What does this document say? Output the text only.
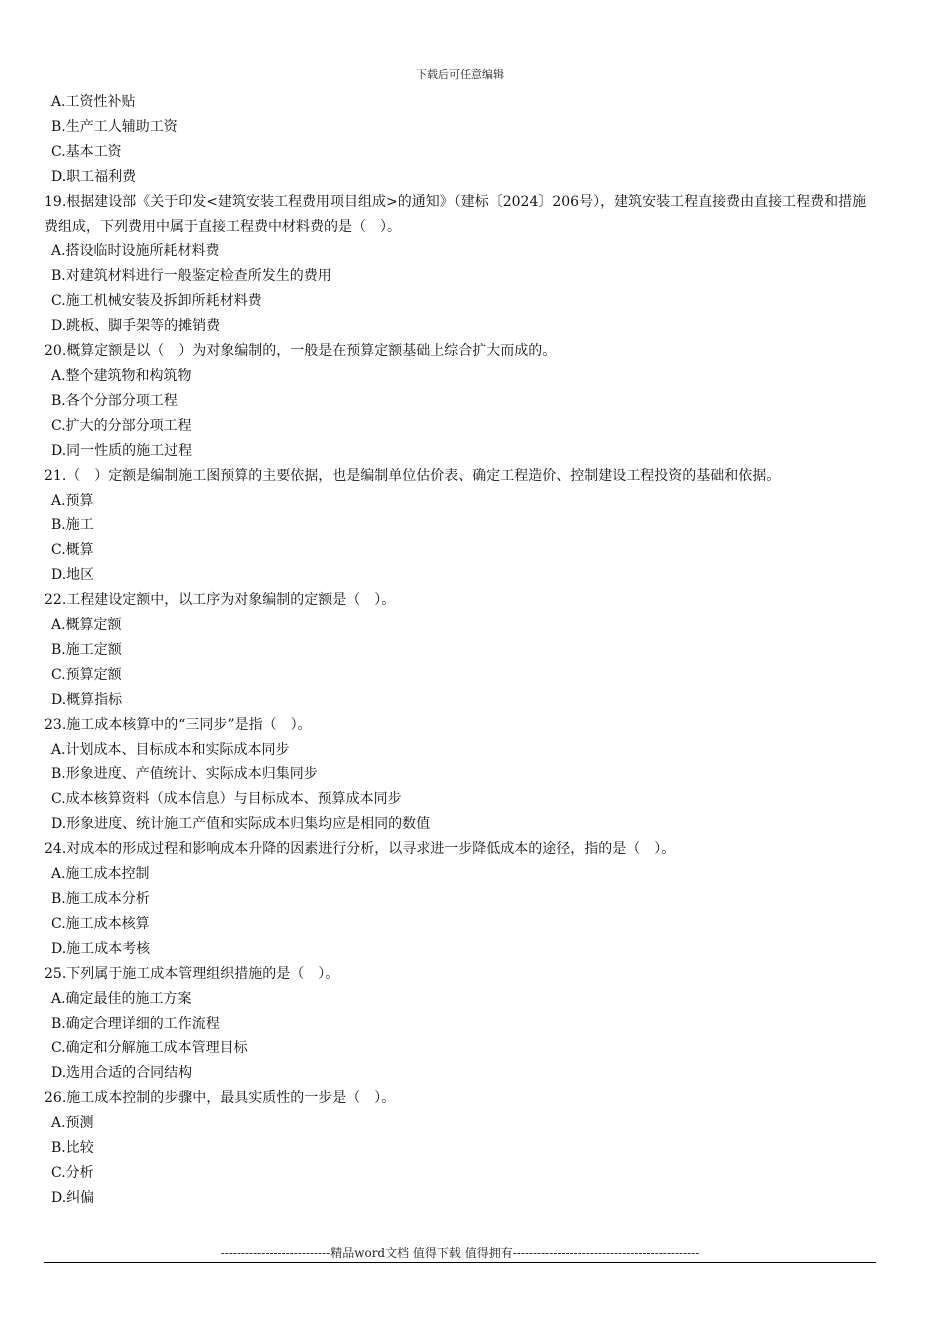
下载后可任意编辑
A.工资性补贴
B.生产工人辅助工资
C.基本工资
D.职工福利费
19.根据建设部《关于印发<建筑安装工程费用项目组成>的通知》（建标〔2024〕206号），建筑安装工程直接费由直接工程费和措施费组成，下列费用中属于直接工程费中材料费的是（　）。
A.搭设临时设施所耗材料费
B.对建筑材料进行一般鉴定检查所发生的费用
C.施工机械安装及拆卸所耗材料费
D.跳板、脚手架等的摊销费
20.概算定额是以（　）为对象编制的，一般是在预算定额基础上综合扩大而成的。
A.整个建筑物和构筑物
B.各个分部分项工程
C.扩大的分部分项工程
D.同一性质的施工过程
21.（　）定额是编制施工图预算的主要依据，也是编制单位估价表、确定工程造价、控制建设工程投资的基础和依据。
A.预算
B.施工
C.概算
D.地区
22.工程建设定额中，以工序为对象编制的定额是（　）。
A.概算定额
B.施工定额
C.预算定额
D.概算指标
23.施工成本核算中的“三同步”是指（　）。
A.计划成本、目标成本和实际成本同步
B.形象进度、产值统计、实际成本归集同步
C.成本核算资料（成本信息）与目标成本、预算成本同步
D.形象进度、统计施工产值和实际成本归集均应是相同的数值
24.对成本的形成过程和影响成本升降的因素进行分析，以寻求进一步降低成本的途径，指的是（　）。
A.施工成本控制
B.施工成本分析
C.施工成本核算
D.施工成本考核
25.下列属于施工成本管理组织措施的是（　）。
A.确定最佳的施工方案
B.确定合理详细的工作流程
C.确定和分解施工成本管理目标
D.选用合适的合同结构
26.施工成本控制的步骤中，最具实质性的一步是（　）。
A.预测
B.比较
C.分析
D.纠偏
---------------------------精品word文档 值得下载 值得拥有----------------------------------------------
